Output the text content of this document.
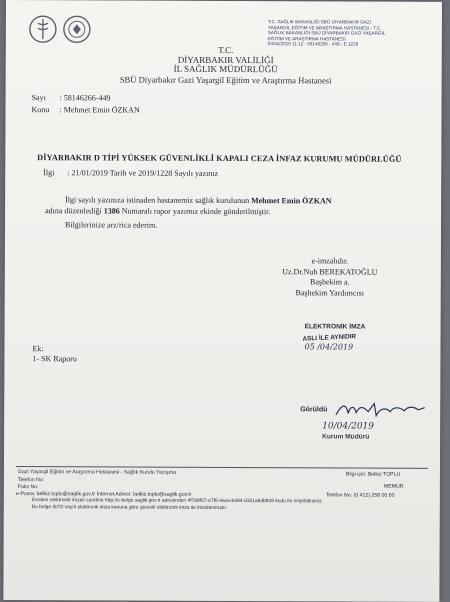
T.C. SAĞLIK BAKANLIĞI SBÜ DİYARBAKIR GAZİ
YAŞARGİL EĞİTİM VE ARAŞTIRMA HASTANESİ - T.C.
SAĞLIK BAKANLIĞI SBÜ DİYARBAKIR GAZİ YAŞARGİL
EĞİTİM VE ARAŞTIRMA HASTANESİ
04/02/2019 11:12 - 58146266 - 449 - E.1228
T.C.
DİYARBAKIR VALİLİĞİ
İL SAĞLIK MÜDÜRLÜĞÜ
SBÜ Diyarbakır Gazi Yaşargil Eğitim ve Araştırma Hastanesi
Sayı : 58146266-449
Konu : Mehmet Emin ÖZKAN
DİYARBAKIR D TİPİ YÜKSEK GÜVENLİKLİ KAPALI CEZA İNFAZ KURUMU MÜDÜRLÜĞÜ
İlgi : 21/01/2019 Tarih ve 2019/1228 Sayılı yazınız
İlgi sayılı yazınıza istinaden hastanemiz sağlık kurulunun Mehmet Emin ÖZKAN
adına düzenlediği 1386 Numaralı rapor yazımız ekinde gönderilmiştir.
Bilgilerinize arz/rica ederim.
e-imzalıdır.
Uz.Dr.Nuh BEREKATOĞLU
Başhekim a.
Başhekim Yardımcısı
ELEKTRONİK İMZA
ASLI İLE AYNIDIR
05 /04/2019
Ek:
1- SK Raporu
Görüldü
10/04/2019
Kurum Müdürü
Gazi Yaşargil Eğitim ve Araştırma Hastanesi - Sağlık Kurulu Yazışma	Bilgi için: Belkiz TOPLU
Telefon No:
Faks No:	MEMUR
e-Posta: belkiz.toplu@saglik.gov.tr İnternet Adresi: belkiz.toplu@saglik.gov.tr	Telefon No: (0 412) 258 00 60
Evrakın elektronik imzalı suretine http://e-belge.saglik.gov.tr adresinden 4f788f57-e7f6-4aca-b494-d151a8db928 kodu ile erişebilirsiniz.
Bu belge 5070 sayılı elektronik imza kanuna göre güvenli elektronik imza ile imzalanmıştır.
